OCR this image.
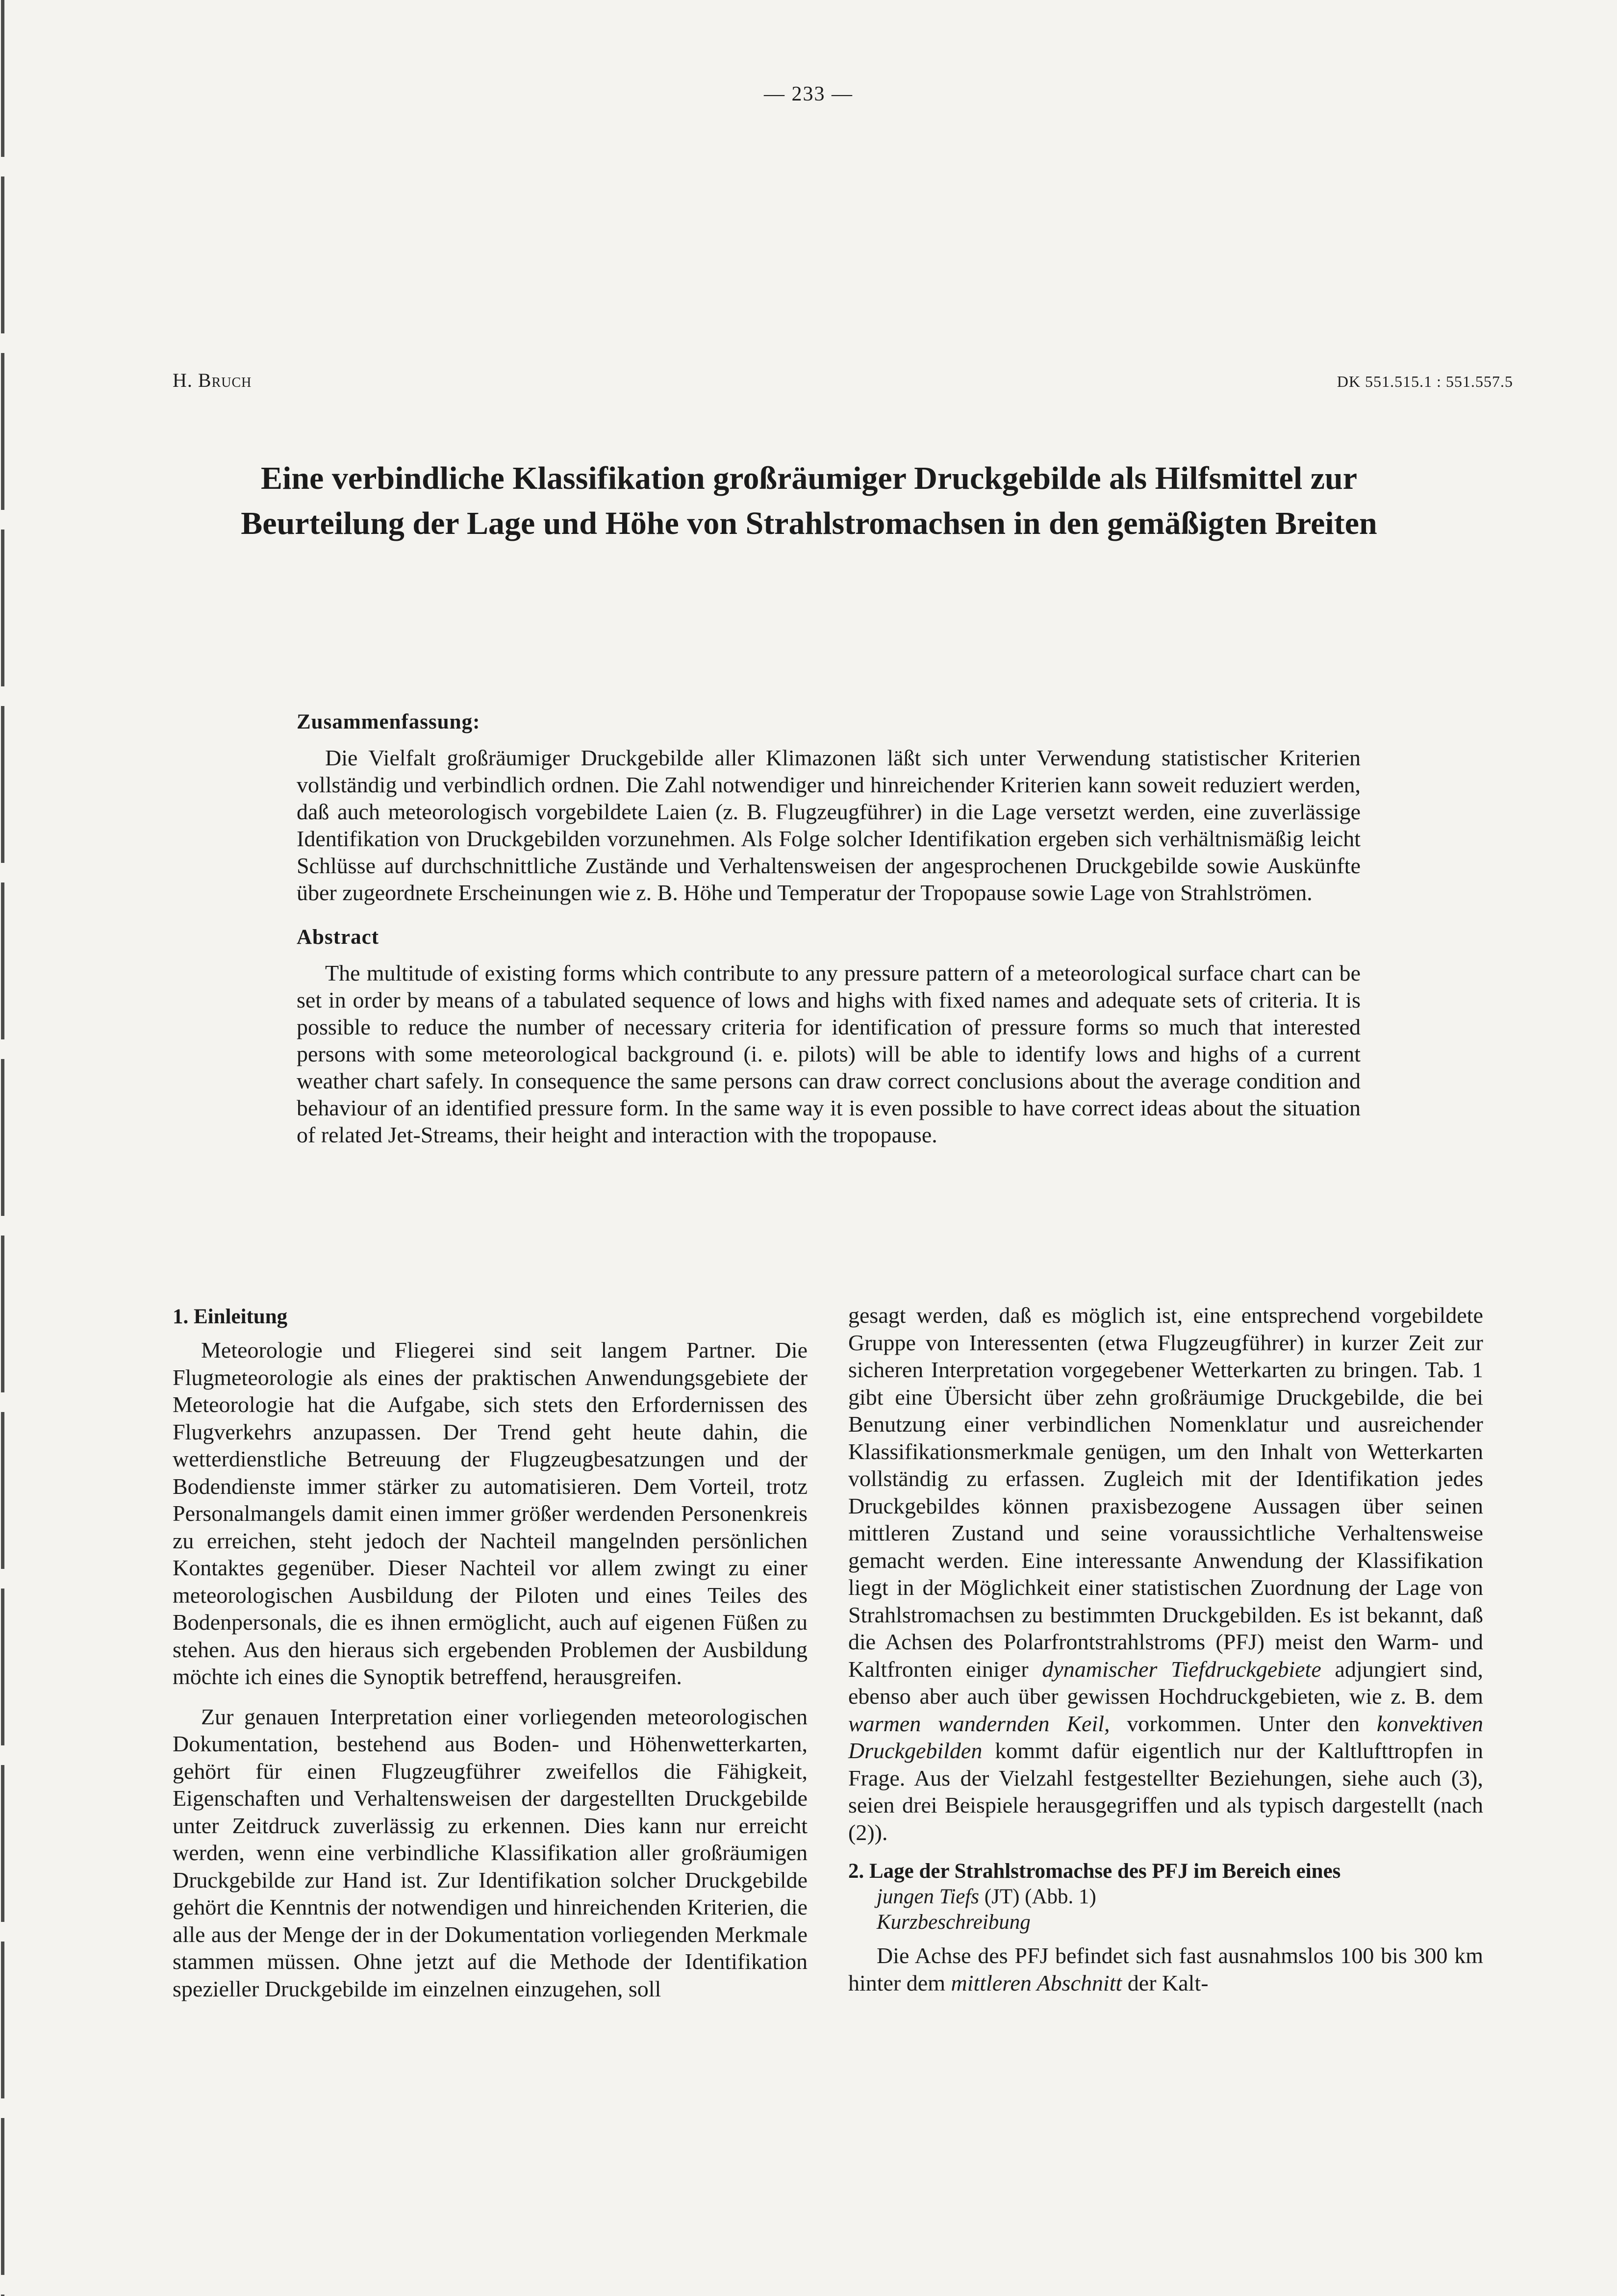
— 233 —
H. Bruch	DK 551.515.1 : 551.557.5
Eine verbindliche Klassifikation großräumiger Druckgebilde als Hilfsmittel zur
Beurteilung der Lage und Höhe von Strahlstromachsen in den gemäßigten Breiten
Zusammenfassung:

Die Vielfalt großräumiger Druckgebilde aller Klimazonen läßt sich unter Verwendung statistischer Kriterien vollständig und verbindlich ordnen. Die Zahl notwendiger und hinreichender Kriterien kann soweit reduziert werden, daß auch meteorologisch vorgebildete Laien (z. B. Flugzeugführer) in die Lage versetzt werden, eine zuverlässige Identifikation von Druckgebilden vorzunehmen. Als Folge solcher Identifikation ergeben sich verhältnismäßig leicht Schlüsse auf durchschnittliche Zustände und Verhaltensweisen der angesprochenen Druckgebilde sowie Auskünfte über zugeordnete Erscheinungen wie z. B. Höhe und Temperatur der Tropopause sowie Lage von Strahlströmen.

Abstract

The multitude of existing forms which contribute to any pressure pattern of a meteorological surface chart can be set in order by means of a tabulated sequence of lows and highs with fixed names and adequate sets of criteria. It is possible to reduce the number of necessary criteria for identification of pressure forms so much that interested persons with some meteorological background (i. e. pilots) will be able to identify lows and highs of a current weather chart safely. In consequence the same persons can draw correct conclusions about the average condition and behaviour of an identified pressure form. In the same way it is even possible to have correct ideas about the situation of related Jet-Streams, their height and interaction with the tropopause.

1. Einleitung

Meteorologie und Fliegerei sind seit langem Partner. Die Flugmeteorologie als eines der praktischen Anwendungsgebiete der Meteorologie hat die Aufgabe, sich stets den Erfordernissen des Flugverkehrs anzupassen. Der Trend geht heute dahin, die wetterdienstliche Betreuung der Flugzeugbesatzungen und der Bodendienste immer stärker zu automatisieren. Dem Vorteil, trotz Personalmangels damit einen immer größer werdenden Personenkreis zu erreichen, steht jedoch der Nachteil mangelnden persönlichen Kontaktes gegenüber. Dieser Nachteil vor allem zwingt zu einer meteorologischen Ausbildung der Piloten und eines Teiles des Bodenpersonals, die es ihnen ermöglicht, auch auf eigenen Füßen zu stehen. Aus den hieraus sich ergebenden Problemen der Ausbildung möchte ich eines die Synoptik betreffend, herausgreifen.

Zur genauen Interpretation einer vorliegenden meteorologischen Dokumentation, bestehend aus Boden- und Höhenwetterkarten, gehört für einen Flugzeugführer zweifellos die Fähigkeit, Eigenschaften und Verhaltensweisen der dargestellten Druckgebilde unter Zeitdruck zuverlässig zu erkennen. Dies kann nur erreicht werden, wenn eine verbindliche Klassifikation aller großräumigen Druckgebilde zur Hand ist. Zur Identifikation solcher Druckgebilde gehört die Kenntnis der notwendigen und hinreichenden Kriterien, die alle aus der Menge der in der Dokumentation vorliegenden Merkmale stammen müssen. Ohne jetzt auf die Methode der Identifikation spezieller Druckgebilde im einzelnen einzugehen, soll

gesagt werden, daß es möglich ist, eine entsprechend vorgebildete Gruppe von Interessenten (etwa Flugzeugführer) in kurzer Zeit zur sicheren Interpretation vorgegebener Wetterkarten zu bringen. Tab. 1 gibt eine Übersicht über zehn großräumige Druckgebilde, die bei Benutzung einer verbindlichen Nomenklatur und ausreichender Klassifikationsmerkmale genügen, um den Inhalt von Wetterkarten vollständig zu erfassen. Zugleich mit der Identifikation jedes Druckgebildes können praxisbezogene Aussagen über seinen mittleren Zustand und seine voraussichtliche Verhaltensweise gemacht werden. Eine interessante Anwendung der Klassifikation liegt in der Möglichkeit einer statistischen Zuordnung der Lage von Strahlstromachsen zu bestimmten Druckgebilden. Es ist bekannt, daß die Achsen des Polarfrontstrahlstroms (PFJ) meist den Warm- und Kaltfronten einiger dynamischer Tiefdruckgebiete adjungiert sind, ebenso aber auch über gewissen Hochdruckgebieten, wie z. B. dem warmen wandernden Keil, vorkommen. Unter den konvektiven Druckgebilden kommt dafür eigentlich nur der Kaltlufttropfen in Frage. Aus der Vielzahl festgestellter Beziehungen, siehe auch (3), seien drei Beispiele herausgegriffen und als typisch dargestellt (nach (2)).

2. Lage der Strahlstromachse des PFJ im Bereich eines
jungen Tiefs (JT) (Abb. 1)
Kurzbeschreibung

Die Achse des PFJ befindet sich fast ausnahmslos 100 bis 300 km hinter dem mittleren Abschnitt der Kalt-
